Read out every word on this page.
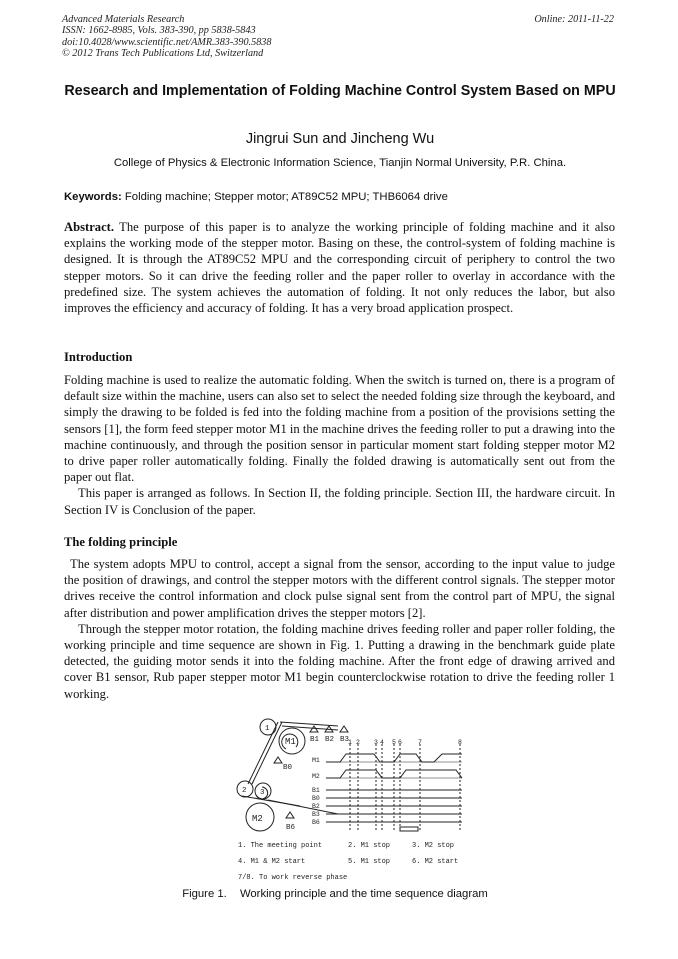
Advanced Materials Research
ISSN: 1662-8985, Vols. 383-390, pp 5838-5843
doi:10.4028/www.scientific.net/AMR.383-390.5838
© 2012 Trans Tech Publications Ltd, Switzerland
Online: 2011-11-22
Research and Implementation of Folding Machine Control System Based on MPU
Jingrui Sun and Jincheng Wu
College of Physics & Electronic Information Science, Tianjin Normal University, P.R. China.
Keywords: Folding machine; Stepper motor; AT89C52 MPU; THB6064 drive

Abstract. The purpose of this paper is to analyze the working principle of folding machine and it also explains the working mode of the stepper motor. Basing on these, the control-system of folding machine is designed. It is through the AT89C52 MPU and the corresponding circuit of periphery to control the two stepper motors. So it can drive the feeding roller and the paper roller to overlay in accordance with the predefined size. The system achieves the automation of folding. It not only reduces the labor, but also improves the efficiency and accuracy of folding. It has a very broad application prospect.

Introduction

Folding machine is used to realize the automatic folding. When the switch is turned on, there is a program of default size within the machine, users can also set to select the needed folding size through the keyboard, and simply the drawing to be folded is fed into the folding machine from a position of the provisions setting the sensors [1], the form feed stepper motor M1 in the machine drives the feeding roller to put a drawing into the machine continuously, and through the position sensor in particular moment start folding stepper motor M2 to drive paper roller automatically folding. Finally the folded drawing is automatically sent out from the paper out flat.

This paper is arranged as follows. In Section II, the folding principle. Section III, the hardware circuit. In Section IV is Conclusion of the paper.

The folding principle

The system adopts MPU to control, accept a signal from the sensor, according to the input value to judge the position of drawings, and control the stepper motors with the different control signals. The stepper motor drives receive the control information and clock pulse signal sent from the control part of MPU, the signal after distribution and power amplification drives the stepper motors [2].

Through the stepper motor rotation, the folding machine drives feeding roller and paper roller folding, the working principle and time sequence are shown in Fig. 1. Putting a drawing in the benchmark guide plate detected, the guiding motor sends it into the folding machine. After the front edge of drawing arrived and cover B1 sensor, Rub paper stepper motor M1 begin counterclockwise rotation to drive the feeding roller 1 working.

1
M1
2 3
M2
B0
B6
B1 B2 B3
1 2 3 4 5 6 7	8
M1
M2
B1
B0
B2
B3
B6
1. The meeting point	2. M1 stop	3. M2 stop
4. M1 & M2 start	5. M1 stop	6. M2 start
7/8. To work reverse phase
Figure 1. Working principle and the time sequence diagram
